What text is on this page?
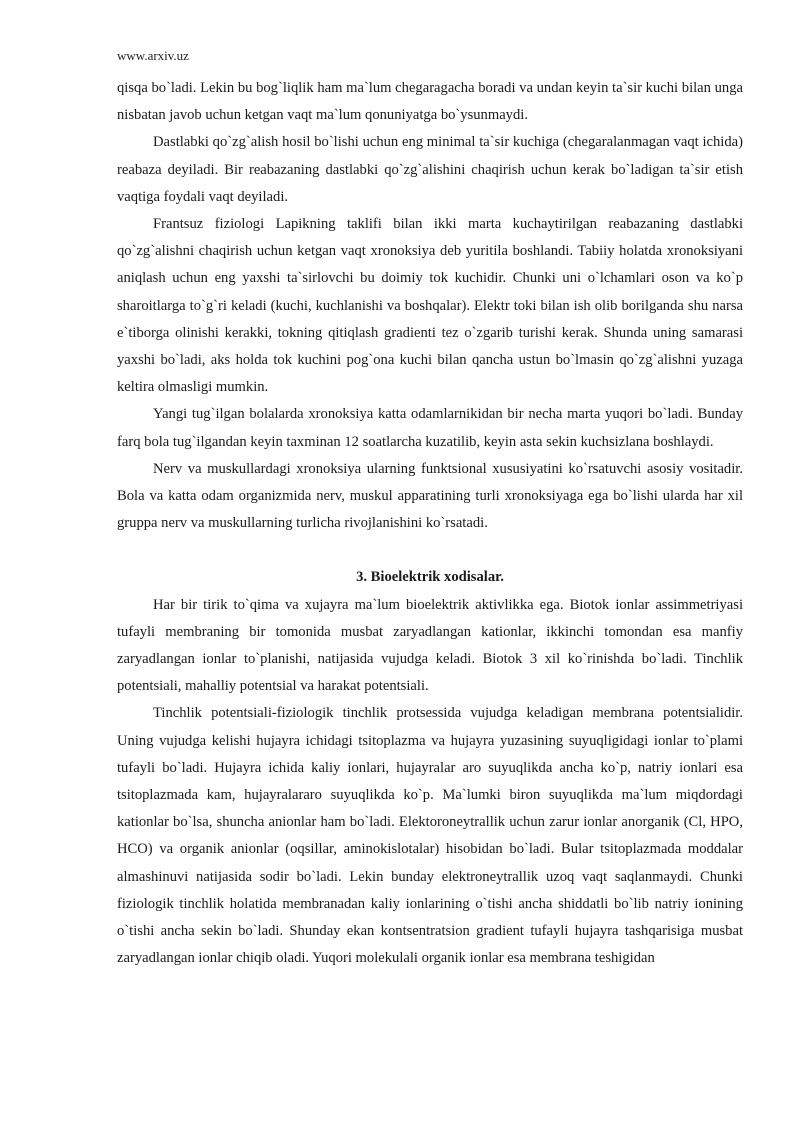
www.arxiv.uz

qisqa bo`ladi. Lekin bu bog`liqlik ham ma`lum chegaragacha boradi va undan keyin ta`sir kuchi bilan unga nisbatan javob uchun ketgan vaqt ma`lum qonuniyatga bo`ysunmaydi.

Dastlabki qo`zg`alish hosil bo`lishi uchun eng minimal ta`sir kuchiga (chegaralanmagan vaqt ichida) reabaza deyiladi. Bir reabazaning dastlabki qo`zg`alishini chaqirish uchun kerak bo`ladigan ta`sir etish vaqtiga foydali vaqt deyiladi.

Frantsuz fiziologi Lapikning taklifi bilan ikki marta kuchaytirilgan reabazaning dastlabki qo`zg`alishni chaqirish uchun ketgan vaqt xronoksiya deb yuritila boshlandi. Tabiiy holatda xronoksiyani aniqlash uchun eng yaxshi ta`sirlovchi bu doimiy tok kuchidir. Chunki uni o`lchamlari oson va ko`p sharoitlarga to`g`ri keladi (kuchi, kuchlanishi va boshqalar). Elektr toki bilan ish olib borilganda shu narsa e`tiborga olinishi kerakki, tokning qitiqlash gradienti tez o`zgarib turishi kerak. Shunda uning samarasi yaxshi bo`ladi, aks holda tok kuchini pog`ona kuchi bilan qancha ustun bo`lmasin qo`zg`alishni yuzaga keltira olmasligi mumkin.

Yangi tug`ilgan bolalarda xronoksiya katta odamlarnikidan bir necha marta yuqori bo`ladi. Bunday farq bola tug`ilgandan keyin taxminan 12 soatlarcha kuzatilib, keyin asta sekin kuchsizlana boshlaydi.

Nerv va muskullardagi xronoksiya ularning funktsional xususiyatini ko`rsatuvchi asosiy vositadir. Bola va katta odam organizmida nerv, muskul apparatining turli xronoksiyaga ega bo`lishi ularda har xil gruppa nerv va muskullarning turlicha rivojlanishini ko`rsatadi.

3. Bioelektrik xodisalar.

Har bir tirik to`qima va xujayra ma`lum bioelektrik aktivlikka ega. Biotok ionlar assimmetriyasi tufayli membraning bir tomonida musbat zaryadlangan kationlar, ikkinchi tomondan esa manfiy zaryadlangan ionlar to`planishi, natijasida vujudga keladi. Biotok 3 xil ko`rinishda bo`ladi. Tinchlik potentsiali, mahalliy potentsial va harakat potentsiali.

Tinchlik potentsiali-fiziologik tinchlik protsessida vujudga keladigan membrana potentsialidir. Uning vujudga kelishi hujayra ichidagi tsitoplazma va hujayra yuzasining suyuqligidagi ionlar to`plami tufayli bo`ladi. Hujayra ichida kaliy ionlari, hujayralar aro suyuqlikda ancha ko`p, natriy ionlari esa tsitoplazmada kam, hujayralararo suyuqlikda ko`p. Ma`lumki biron suyuqlikda ma`lum miqdordagi kationlar bo`lsa, shuncha anionlar ham bo`ladi. Elektoroneytrallik uchun zarur ionlar anorganik (Cl, HPO, HCO) va organik anionlar (oqsillar, aminokislotalar) hisobidan bo`ladi. Bular tsitoplazmada moddalar almashinuvi natijasida sodir bo`ladi. Lekin bunday elektroneytrallik uzoq vaqt saqlanmaydi. Chunki fiziologik tinchlik holatida membranadan kaliy ionlarining o`tishi ancha shiddatli bo`lib natriy ionining o`tishi ancha sekin bo`ladi. Shunday ekan kontsentratsion gradient tufayli hujayra tashqarisiga musbat zaryadlangan ionlar chiqib oladi. Yuqori molekulali organik ionlar esa membrana teshigidan
